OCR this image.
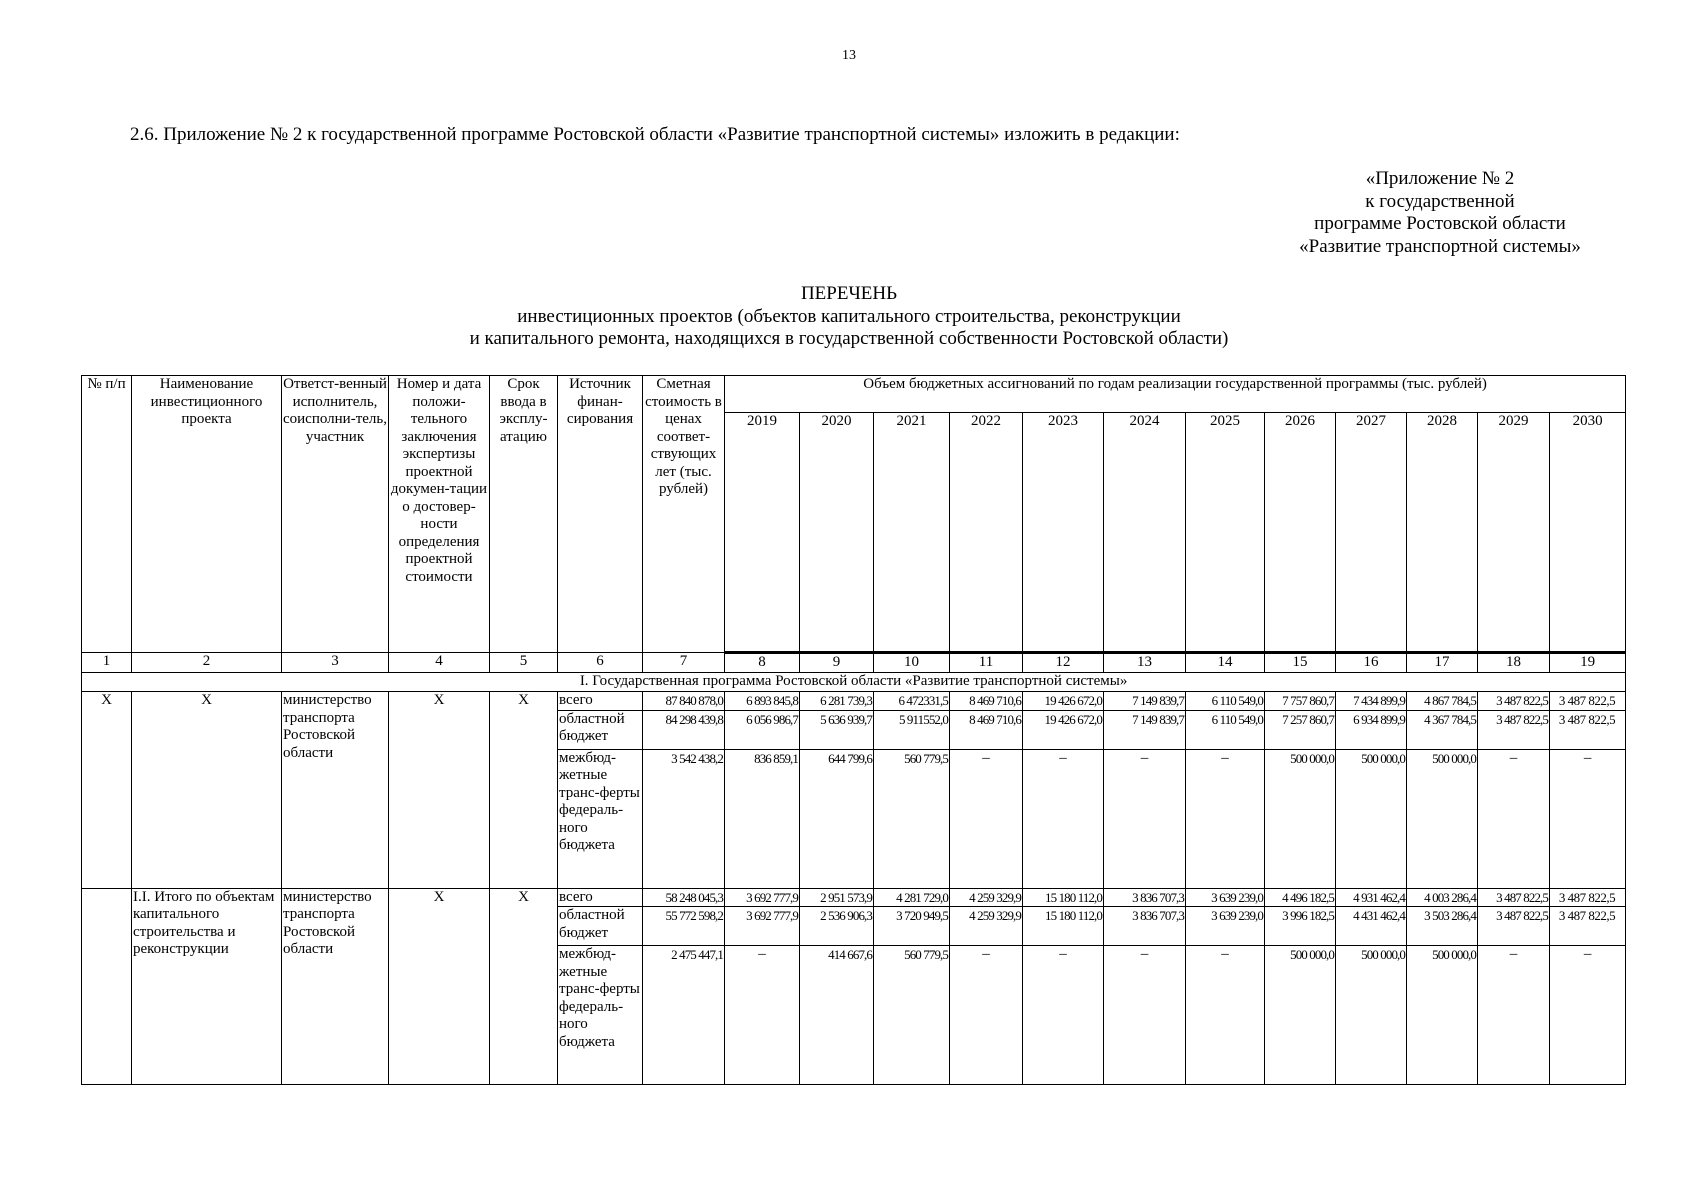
13
2.6. Приложение № 2 к государственной программе Ростовской области «Развитие транспортной системы» изложить в редакции:
«Приложение № 2
к государственной
программе Ростовской области
«Развитие транспортной системы»
ПЕРЕЧЕНЬ
инвестиционных проектов (объектов капитального строительства, реконструкции
и капитального ремонта, находящихся в государственной собственности Ростовской области)
№ п/п	Наименование инвестиционного проекта	Ответст-венный исполнитель, соисполни-тель, участник	Номер и дата положи-тельного заключения экспертизы проектной докумен-тации о достовер-ности определения проектной стоимости	Срок ввода в эксплу-атацию	Источник финан-сирования	Сметная стоимость в ценах соответ-ствующих лет (тыс. рублей)	Объем бюджетных ассигнований по годам реализации государственной программы (тыс. рублей)											
							2019	2020	2021	2022	2023	2024	2025	2026	2027	2028	2029	2030
1	2	3	4	5	6	7	8	9	10	11	12	13	14	15	16	17	18	19
I. Государственная программа Ростовской области «Развитие транспортной системы»																		
Х	Х	министерство транспорта Ростовской области	Х	Х	всего	87 840 878,0	6 893 845,8	6 281 739,3	6 472331,5	8 469 710,6	19 426 672,0	7 149 839,7	6 110 549,0	7 757 860,7	7 434 899,9	4 867 784,5	3 487 822,5	3 487 822,5
					областной бюджет	84 298 439,8	6 056 986,7	5 636 939,7	5 911552,0	8 469 710,6	19 426 672,0	7 149 839,7	6 110 549,0	7 257 860,7	6 934 899,9	4 367 784,5	3 487 822,5	3 487 822,5
					межбюд-жетные транс-ферты федераль-ного бюджета	3 542 438,2	836 859,1	644 799,6	560 779,5	–	–	–	–	500 000,0	500 000,0	500 000,0	–	–
	I.I. Итого по объектам капитального строительства и реконструкции	министерство транспорта Ростовской области	Х	Х	всего	58 248 045,3	3 692 777,9	2 951 573,9	4 281 729,0	4 259 329,9	15 180 112,0	3 836 707,3	3 639 239,0	4 496 182,5	4 931 462,4	4 003 286,4	3 487 822,5	3 487 822,5
					областной бюджет	55 772 598,2	3 692 777,9	2 536 906,3	3 720 949,5	4 259 329,9	15 180 112,0	3 836 707,3	3 639 239,0	3 996 182,5	4 431 462,4	3 503 286,4	3 487 822,5	3 487 822,5
					межбюд-жетные транс-ферты федераль-ного бюджета	2 475 447,1	–	414 667,6	560 779,5	–	–	–	–	500 000,0	500 000,0	500 000,0	–	–
